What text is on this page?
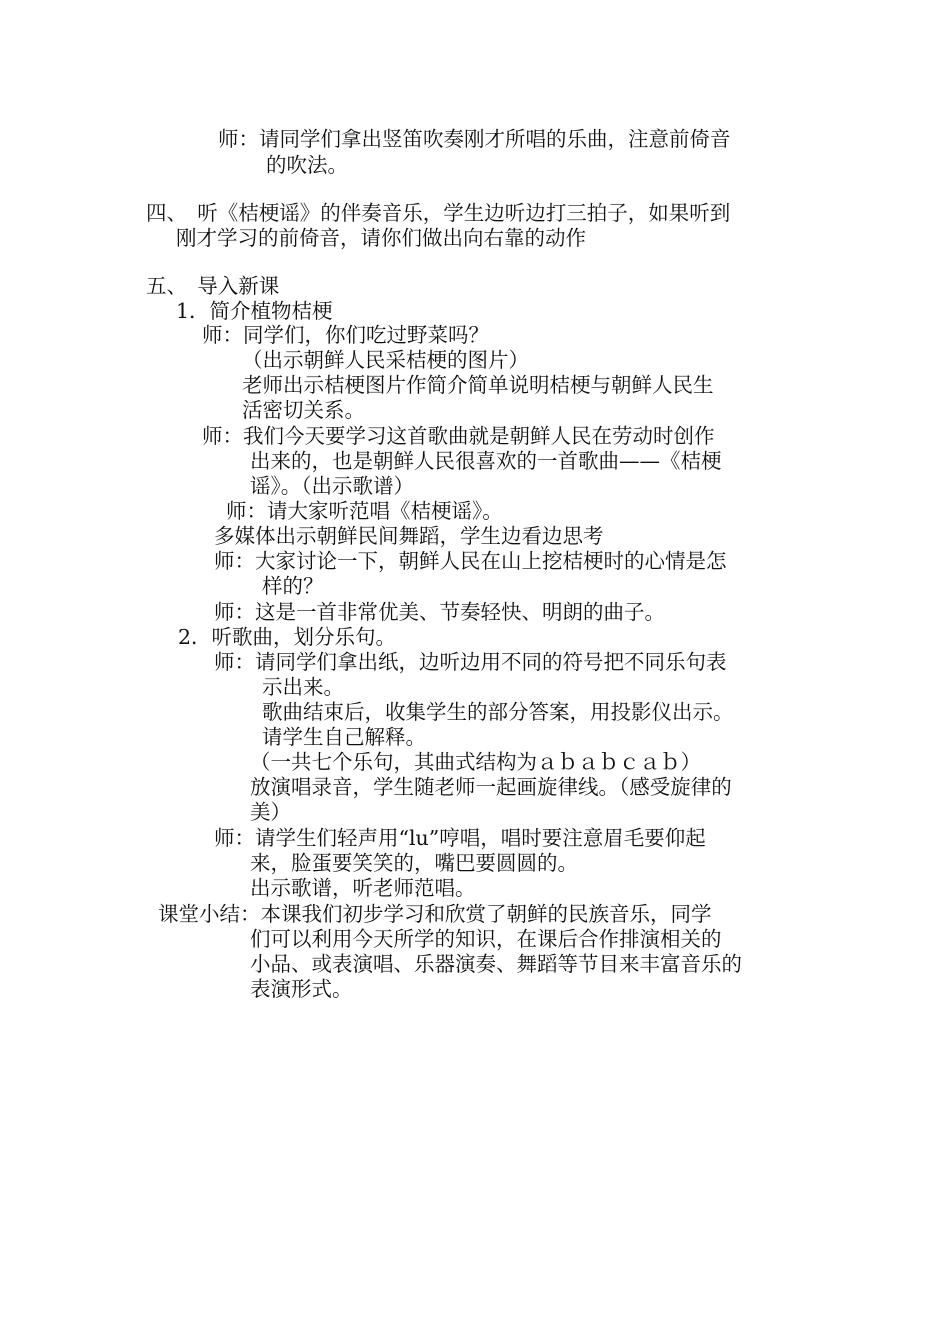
师：请同学们拿出竖笛吹奏刚才所唱的乐曲，注意前倚音

的吹法。

四、　听《桔梗谣》的伴奏音乐，学生边听边打三拍子，如果听到

刚才学习的前倚音，请你们做出向右靠的动作

五、　导入新课

1．简介植物桔梗

师：同学们，你们吃过野菜吗？

（出示朝鲜人民采桔梗的图片）

老师出示桔梗图片作简介简单说明桔梗与朝鲜人民生

活密切关系。

师：我们今天要学习这首歌曲就是朝鲜人民在劳动时创作

出来的，也是朝鲜人民很喜欢的一首歌曲——《桔梗

谣》。（出示歌谱）

师：请大家听范唱《桔梗谣》。

多媒体出示朝鲜民间舞蹈，学生边看边思考

师：大家讨论一下，朝鲜人民在山上挖桔梗时的心情是怎

样的？

师：这是一首非常优美、节奏轻快、明朗的曲子。

2．听歌曲，划分乐句。

师：请同学们拿出纸，边听边用不同的符号把不同乐句表

示出来。

歌曲结束后，收集学生的部分答案，用投影仪出示。

请学生自己解释。

（一共七个乐句，其曲式结构为ａｂａｂｃａｂ）

放演唱录音，学生随老师一起画旋律线。（感受旋律的

美）

师：请学生们轻声用“lu”哼唱，唱时要注意眉毛要仰起

来，脸蛋要笑笑的，嘴巴要圆圆的。

出示歌谱，听老师范唱。

课堂小结：本课我们初步学习和欣赏了朝鲜的民族音乐，同学

们可以利用今天所学的知识，在课后合作排演相关的

小品、或表演唱、乐器演奏、舞蹈等节目来丰富音乐的

表演形式。
